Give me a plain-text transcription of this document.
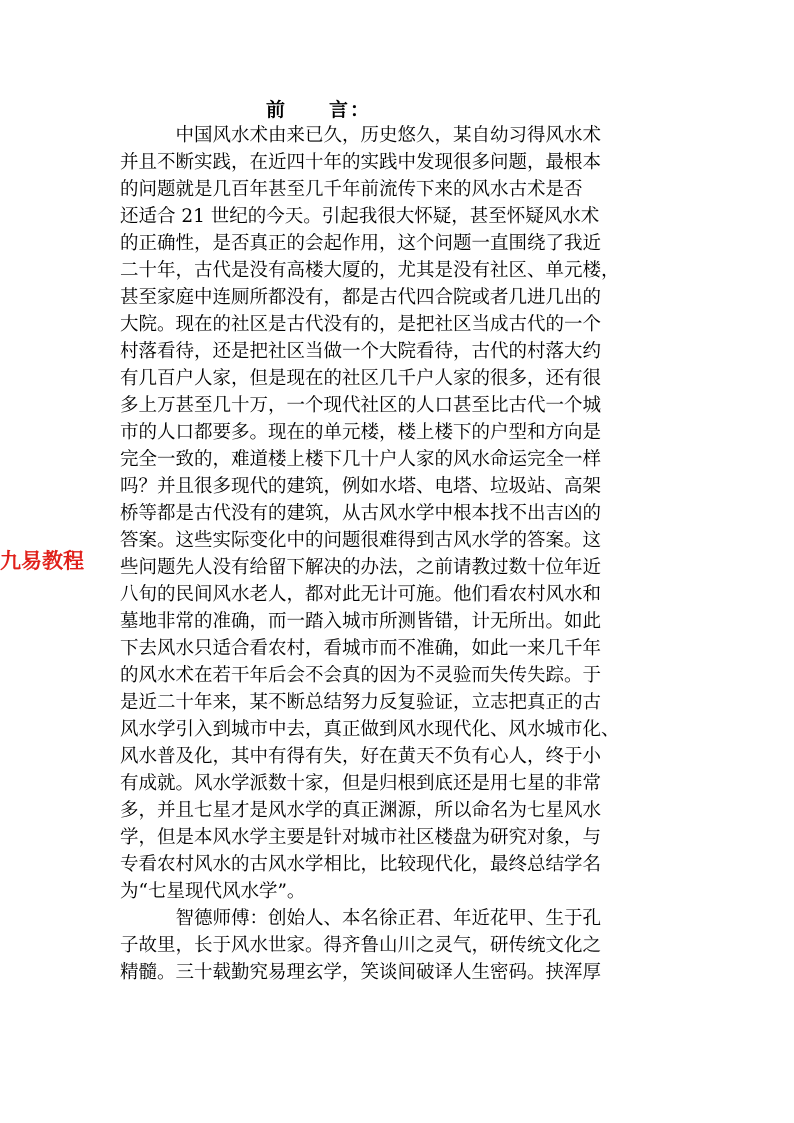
前　　言：

　　　中国风水术由来已久，历史悠久，某自幼习得风水术

并且不断实践，在近四十年的实践中发现很多问题，最根本

的问题就是几百年甚至几千年前流传下来的风水古术是否

还适合 21 世纪的今天。引起我很大怀疑，甚至怀疑风水术

的正确性，是否真正的会起作用，这个问题一直围绕了我近

二十年，古代是没有高楼大厦的，尤其是没有社区、单元楼，

甚至家庭中连厕所都没有，都是古代四合院或者几进几出的

大院。现在的社区是古代没有的，是把社区当成古代的一个

村落看待，还是把社区当做一个大院看待，古代的村落大约

有几百户人家，但是现在的社区几千户人家的很多，还有很

多上万甚至几十万，一个现代社区的人口甚至比古代一个城

市的人口都要多。现在的单元楼，楼上楼下的户型和方向是

完全一致的，难道楼上楼下几十户人家的风水命运完全一样

吗？并且很多现代的建筑，例如水塔、电塔、垃圾站、高架

桥等都是古代没有的建筑，从古风水学中根本找不出吉凶的

答案。这些实际变化中的问题很难得到古风水学的答案。这

些问题先人没有给留下解决的办法，之前请教过数十位年近

八旬的民间风水老人，都对此无计可施。他们看农村风水和

墓地非常的准确，而一踏入城市所测皆错，计无所出。如此

下去风水只适合看农村，看城市而不准确，如此一来几千年

的风水术在若干年后会不会真的因为不灵验而失传失踪。于

是近二十年来，某不断总结努力反复验证，立志把真正的古

风水学引入到城市中去，真正做到风水现代化、风水城市化、

风水普及化，其中有得有失，好在黄天不负有心人，终于小

有成就。风水学派数十家，但是归根到底还是用七星的非常

多，并且七星才是风水学的真正渊源，所以命名为七星风水

学，但是本风水学主要是针对城市社区楼盘为研究对象，与

专看农村风水的古风水学相比，比较现代化，最终总结学名

为“七星现代风水学”。

　　　智德师傅：创始人、本名徐正君、年近花甲、生于孔

子故里，长于风水世家。得齐鲁山川之灵气，研传统文化之

精髓。三十载勤究易理玄学，笑谈间破译人生密码。挟浑厚

九易教程
